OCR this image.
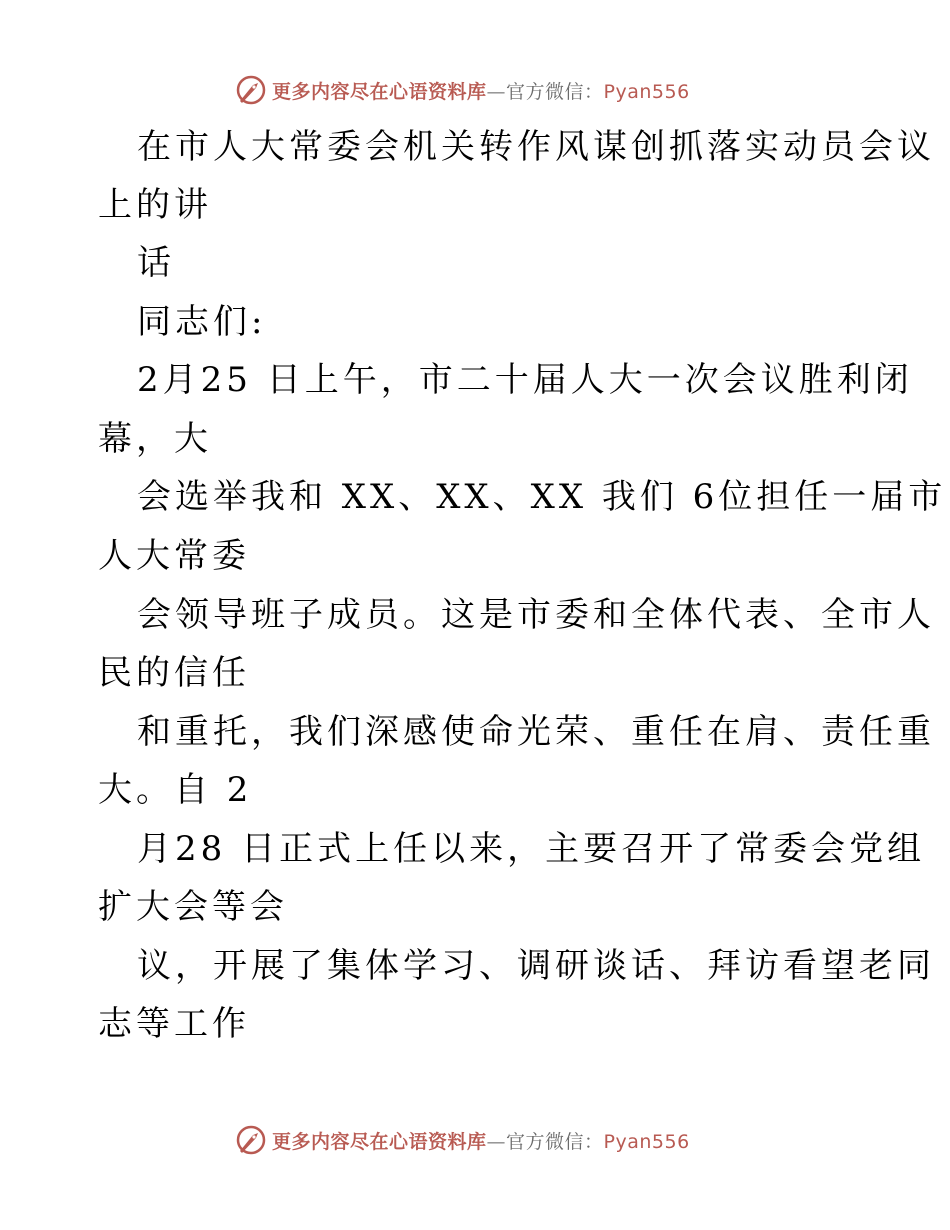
更多内容尽在心语资料库—官方微信：Pyan556
在市人大常委会机关转作风谋创抓落实动员会议
上的讲
话
同志们:
2月25 日上午，市二十届人大一次会议胜利闭
幕，大
会选举我和 XX、XX、XX 我们 6位担任一届市
人大常委
会领导班子成员。这是市委和全体代表、全市人
民的信任
和重托，我们深感使命光荣、重任在肩、责任重
大。自 2
月28 日正式上任以来，主要召开了常委会党组
扩大会等会
议，开展了集体学习、调研谈话、拜访看望老同
志等工作
更多内容尽在心语资料库—官方微信：Pyan556
